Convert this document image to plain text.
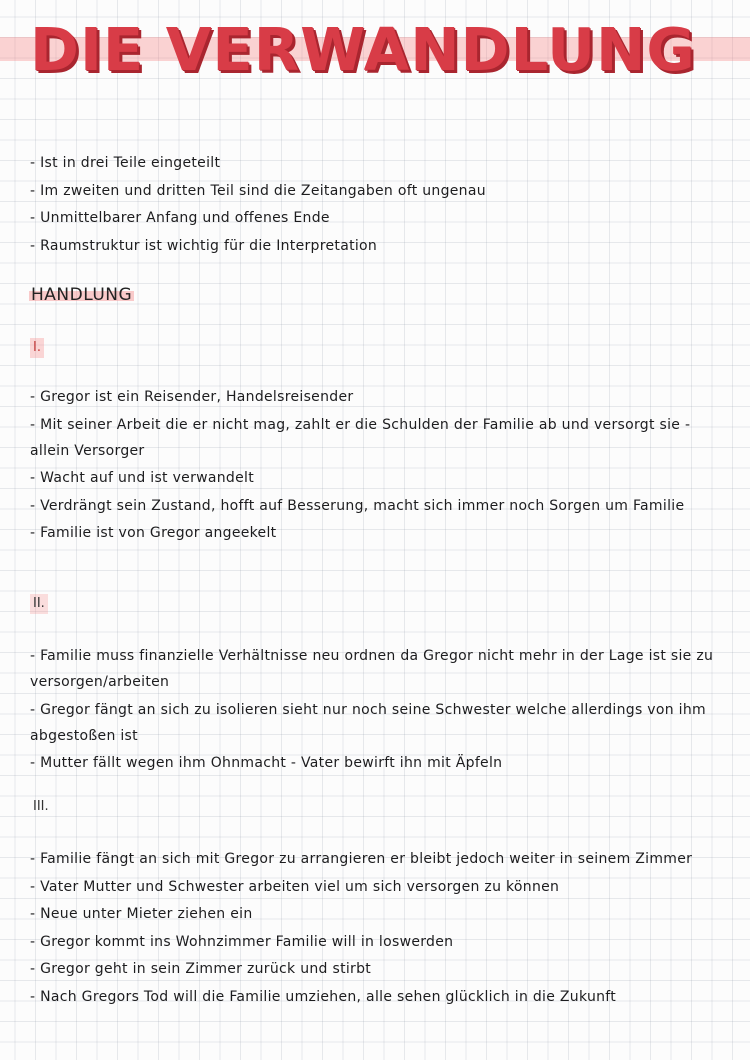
DIE VERWANDLUNG
- Ist in drei Teile eingeteilt
- Im zweiten und dritten Teil sind die Zeitangaben oft ungenau
- Unmittelbarer Anfang und offenes Ende
- Raumstruktur ist wichtig für die Interpretation
HANDLUNG
I.
- Gregor ist ein Reisender, Handelsreisender
- Mit seiner Arbeit die er nicht mag, zahlt er die Schulden der Familie ab und versorgt sie - allein Versorger
- Wacht auf und ist verwandelt
- Verdrängt sein Zustand, hofft auf Besserung, macht sich immer noch Sorgen um Familie
- Familie ist von Gregor angeekelt
II.
- Familie muss finanzielle Verhältnisse neu ordnen da Gregor nicht mehr in der Lage ist sie zu versorgen/arbeiten
- Gregor fängt an sich zu isolieren sieht nur noch seine Schwester welche allerdings von ihm abgestoßen ist
- Mutter fällt wegen ihm Ohnmacht - Vater bewirft ihn mit Äpfeln
III.
- Familie fängt an sich mit Gregor zu arrangieren er bleibt jedoch weiter in seinem Zimmer
- Vater Mutter und Schwester arbeiten viel um sich versorgen zu können
- Neue unter Mieter ziehen ein
- Gregor kommt ins Wohnzimmer Familie will in loswerden
- Gregor geht in sein Zimmer zurück und stirbt
- Nach Gregors Tod will die Familie umziehen, alle sehen glücklich in die Zukunft
